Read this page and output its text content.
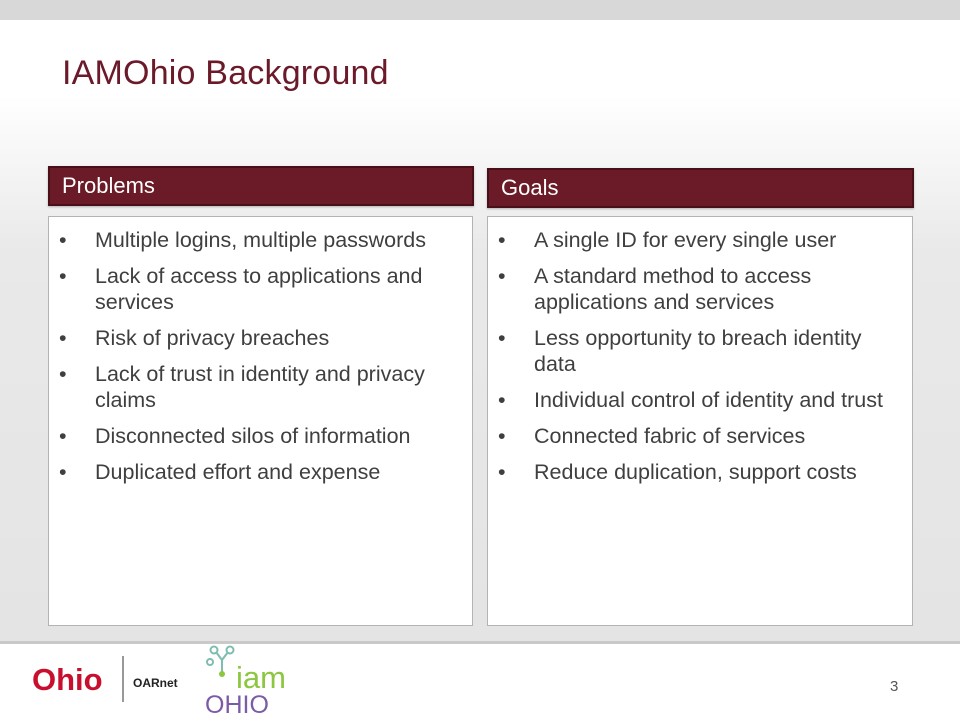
IAMOhio Background
Problems
• Multiple logins, multiple passwords
• Lack of access to applications and services
• Risk of privacy breaches
• Lack of trust in identity and privacy claims
• Disconnected silos of information
• Duplicated effort and expense
Goals
• A single ID for every single user
• A standard method to access applications and services
• Less opportunity to breach identity data
• Individual control of identity and trust
• Connected fabric of services
• Reduce duplication, support costs
Ohio	OARnet iam
OHIO
3
